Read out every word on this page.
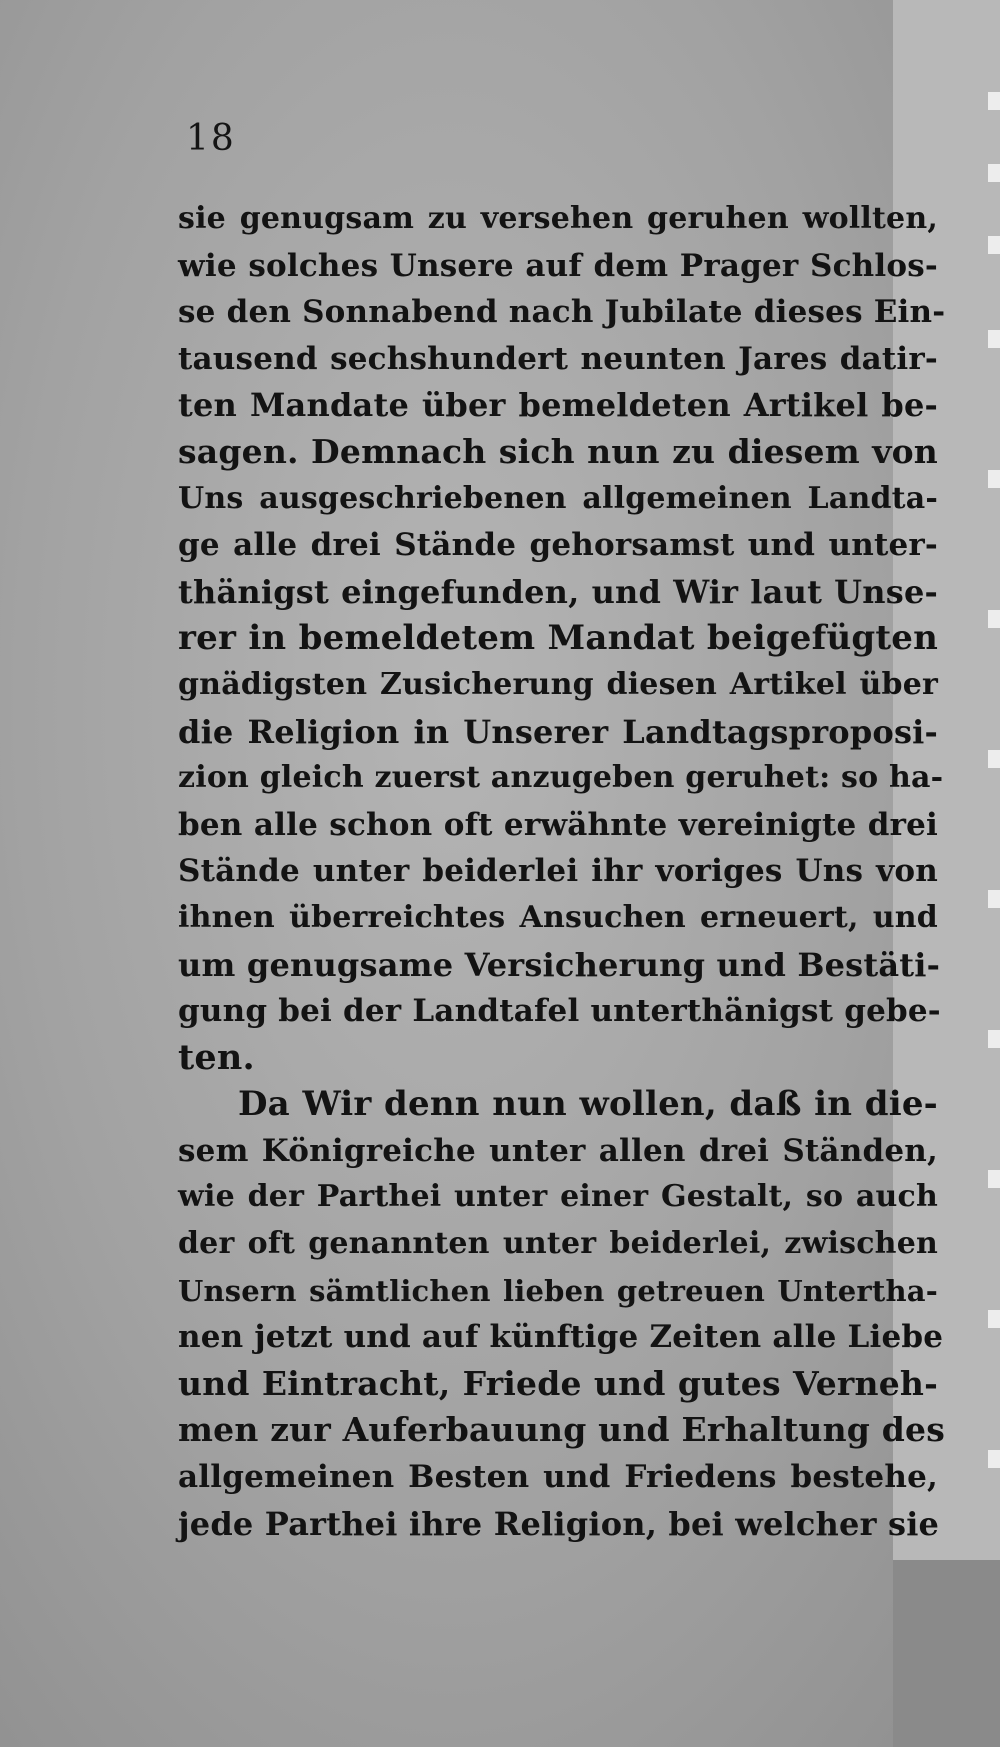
18
sie genugsam zu versehen geruhen wollten,
wie solches Unsere auf dem Prager Schlos-
se den Sonnabend nach Jubilate dieses Ein-
tausend sechshundert neunten Jares datir-
ten Mandate über bemeldeten Artikel be-
sagen. Demnach sich nun zu diesem von
Uns ausgeschriebenen allgemeinen Landta-
ge alle drei Stände gehorsamst und unter-
thänigst eingefunden, und Wir laut Unse-
rer in bemeldetem Mandat beigefügten
gnädigsten Zusicherung diesen Artikel über
die Religion in Unserer Landtagsproposi-
zion gleich zuerst anzugeben geruhet: so ha-
ben alle schon oft erwähnte vereinigte drei
Stände unter beiderlei ihr voriges Uns von
ihnen überreichtes Ansuchen erneuert, und
um genugsame Versicherung und Bestäti-
gung bei der Landtafel unterthänigst gebe-
ten.
Da Wir denn nun wollen, daß in die-
sem Königreiche unter allen drei Ständen,
wie der Parthei unter einer Gestalt, so auch
der oft genannten unter beiderlei, zwischen
Unsern sämtlichen lieben getreuen Untertha-
nen jetzt und auf künftige Zeiten alle Liebe
und Eintracht, Friede und gutes Verneh-
men zur Auferbauung und Erhaltung des
allgemeinen Besten und Friedens bestehe,
jede Parthei ihre Religion, bei welcher sie
